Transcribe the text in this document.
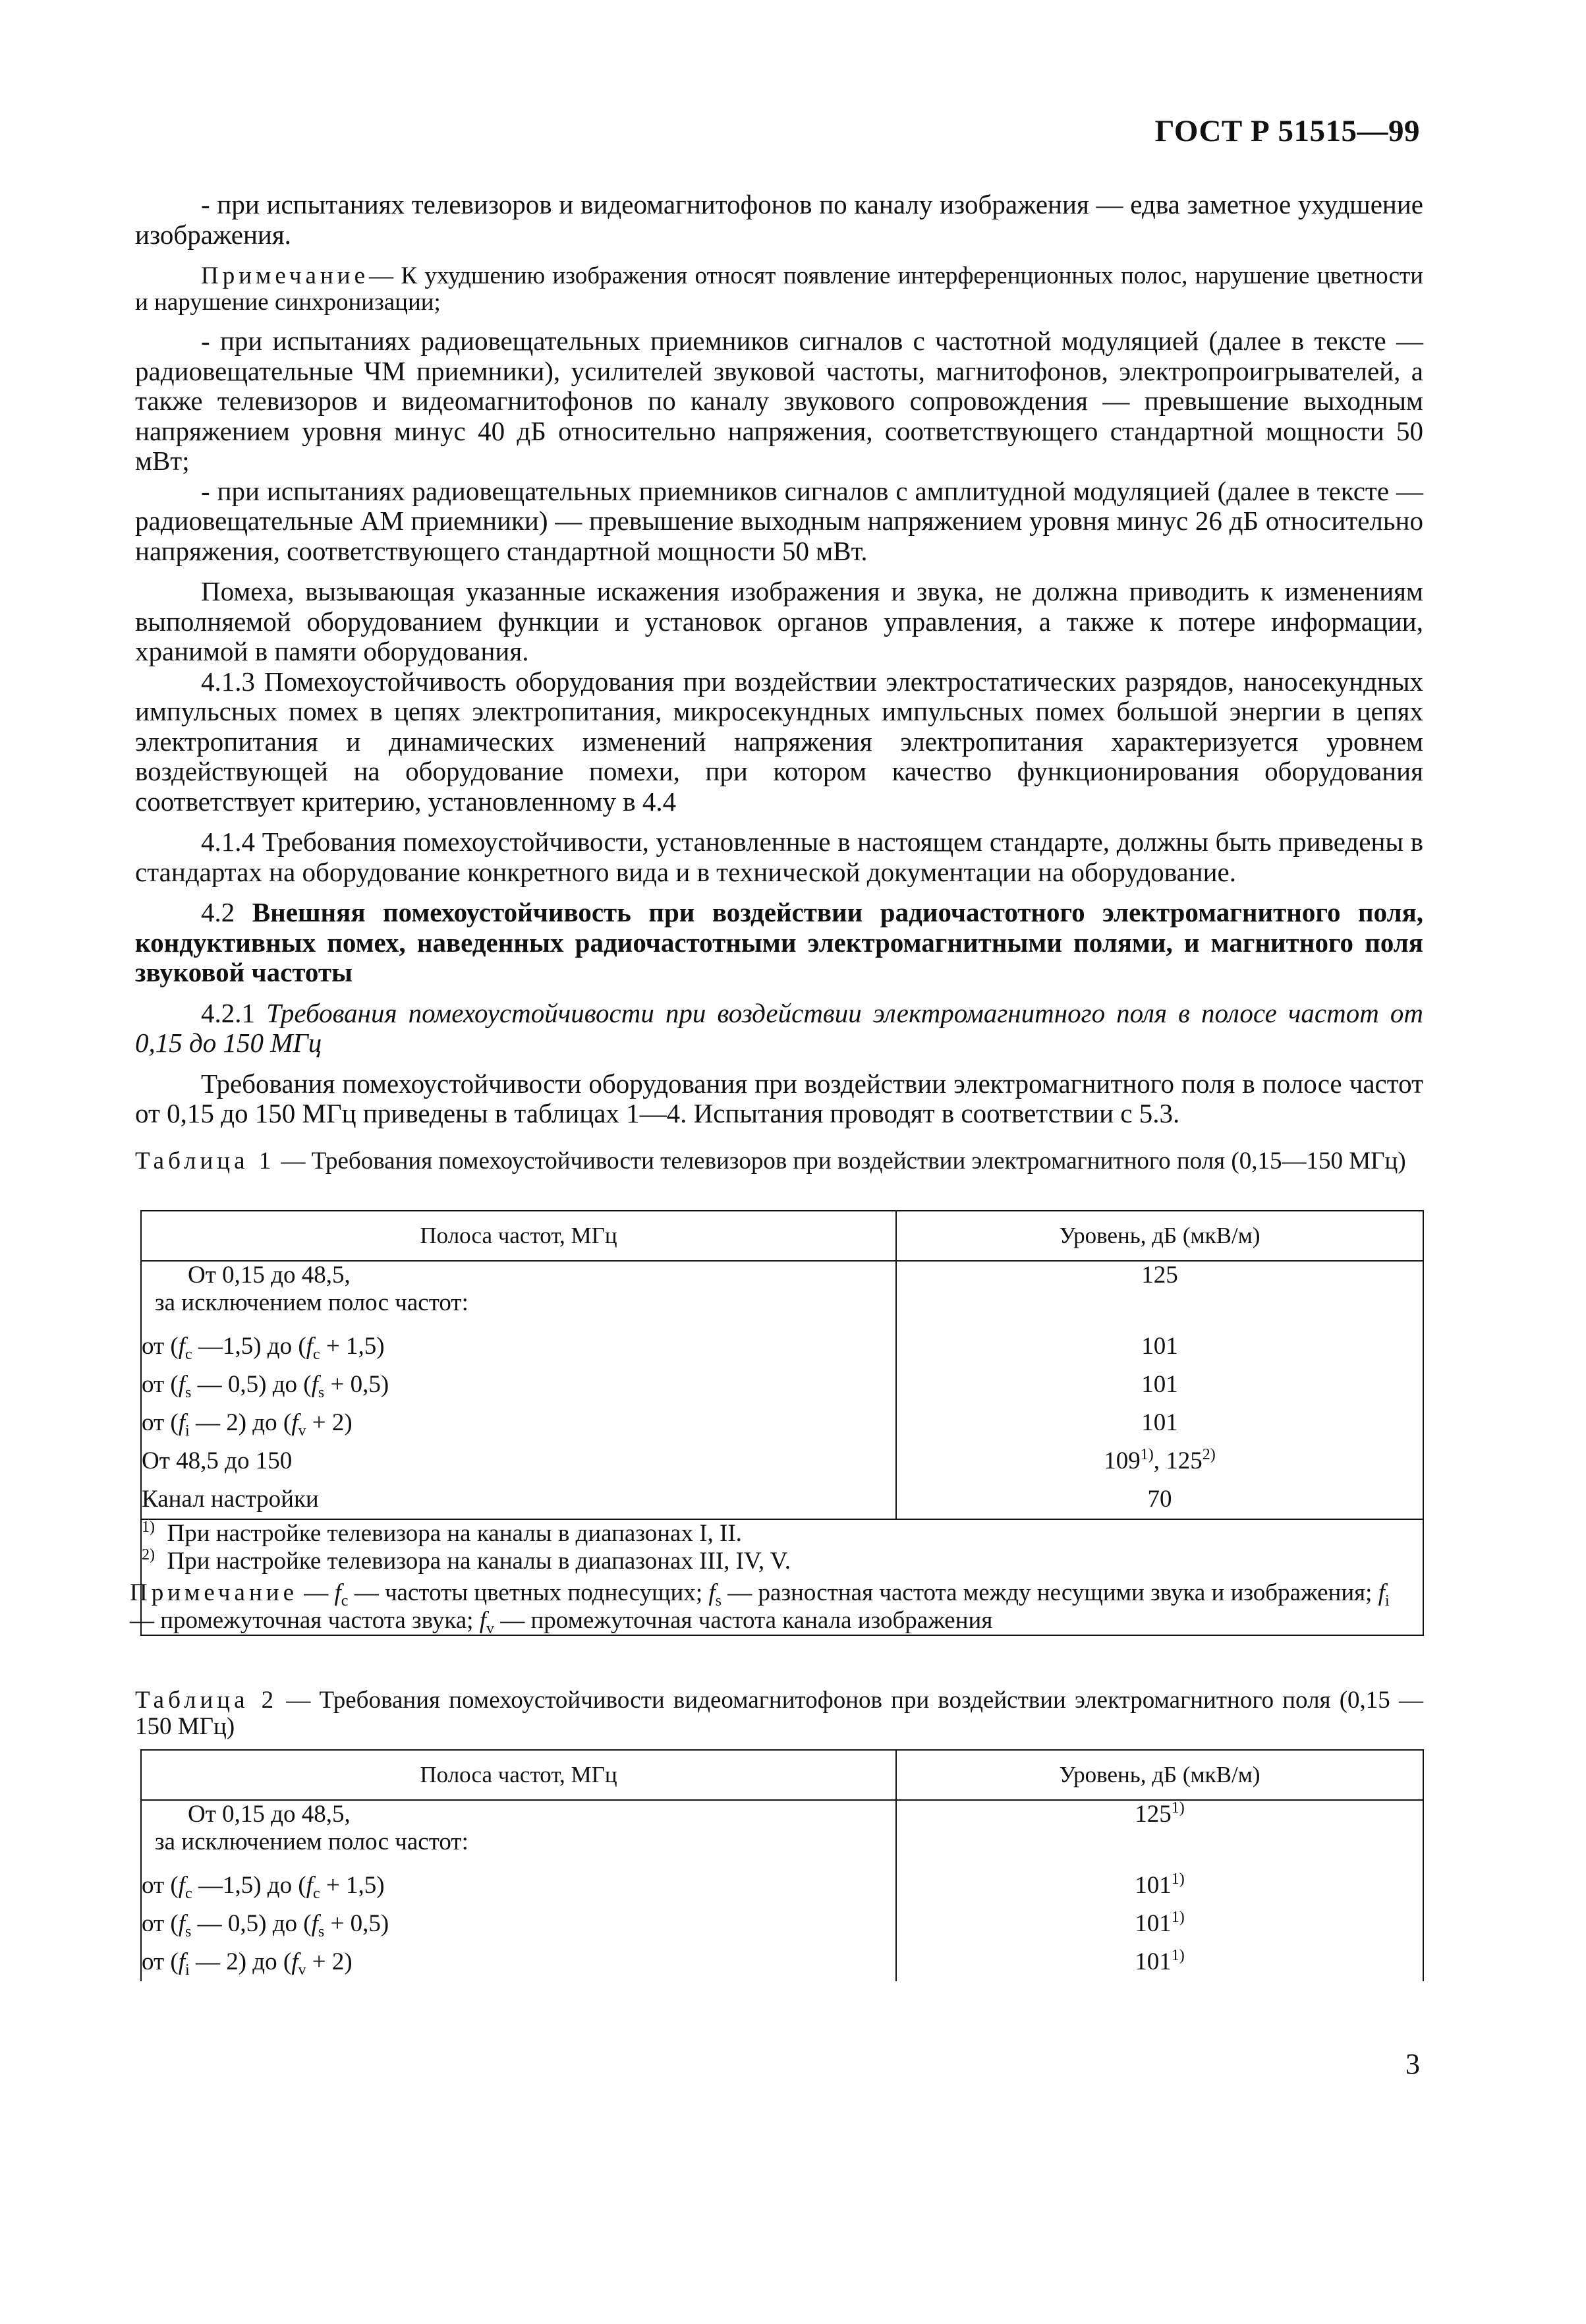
ГОСТ Р 51515—99

- при испытаниях телевизоров и видеомагнитофонов по каналу изображения — едва заметное ухудшение изображения.

Примечание— К ухудшению изображения относят появление интерференционных полос, нарушение цветности и нарушение синхронизации;

- при испытаниях радиовещательных приемников сигналов с частотной модуляцией (далее в тексте — радиовещательные ЧМ приемники), усилителей звуковой частоты, магнитофонов, электропроигрывателей, а также телевизоров и видеомагнитофонов по каналу звукового сопровождения — превышение выходным напряжением уровня минус 40 дБ относительно напряжения, соответствующего стандартной мощности 50 мВт;

- при испытаниях радиовещательных приемников сигналов с амплитудной модуляцией (далее в тексте — радиовещательные АМ приемники) — превышение выходным напряжением уровня минус 26 дБ относительно напряжения, соответствующего стандартной мощности 50 мВт.

Помеха, вызывающая указанные искажения изображения и звука, не должна приводить к изменениям выполняемой оборудованием функции и установок органов управления, а также к потере информации, хранимой в памяти оборудования.

4.1.3 Помехоустойчивость оборудования при воздействии электростатических разрядов, наносекундных импульсных помех в цепях электропитания, микросекундных импульсных помех большой энергии в цепях электропитания и динамических изменений напряжения электропитания характеризуется уровнем воздействующей на оборудование помехи, при котором качество функционирования оборудования соответствует критерию, установленному в 4.4

4.1.4 Требования помехоустойчивости, установленные в настоящем стандарте, должны быть приведены в стандартах на оборудование конкретного вида и в технической документации на оборудование.

4.2 Внешняя помехоустойчивость при воздействии радиочастотного электромагнитного поля, кондуктивных помех, наведенных радиочастотными электромагнитными полями, и магнитного поля звуковой частоты

4.2.1 Требования помехоустойчивости при воздействии электромагнитного поля в полосе частот от 0,15 до 150 МГц

Требования помехоустойчивости оборудования при воздействии электромагнитного поля в полосе частот от 0,15 до 150 МГц приведены в таблицах 1—4. Испытания проводят в соответствии с 5.3.

Таблица 1 — Требования помехоустойчивости телевизоров при воздействии электромагнитного поля (0,15—150 МГц)
Полоса частот, МГц	Уровень, дБ (мкВ/м)

От 0,15 до 48,5,
за исключением полос частот:	125
от ($f_c$ —1,5) до $(f_c + 1,5)$	101
от ($f_s$ — 0,5) до $(f_s + 0,5)$	101
от ($f_i$ — 2) до $(f_v + 2)$	101
От 48,5 до 150	109$^{1)}$, 125$^{2)}$
Канал настройки	70

$^{1)}$ При настройке телевизора на каналы в диапазонах I, II.
$^{2)}$ При настройке телевизора на каналы в диапазонах III, IV, V.
Примечание — $f_c$ — частоты цветных поднесущих; $f_s$ — разностная частота между несущими звука и изображения; $f_i$ — промежуточная частота звука; $f_v$ — промежуточная частота канала изображения	
Таблица 2 — Требования помехоустойчивости видеомагнитофонов при воздействии электромагнитного поля (0,15 — 150 МГц)
Полоса частот, МГц	Уровень, дБ (мкВ/м)

От 0,15 до 48,5,
за исключением полос частот:	125$^{1)}$
от ($f_c$ —1,5) до $(f_c + 1,5)$	101$^{1)}$
от ($f_s$ — 0,5) до $(f_s + 0,5)$	101$^{1)}$
от ($f_i$ — 2) до $(f_v + 2)$	101$^{1)}$
3
